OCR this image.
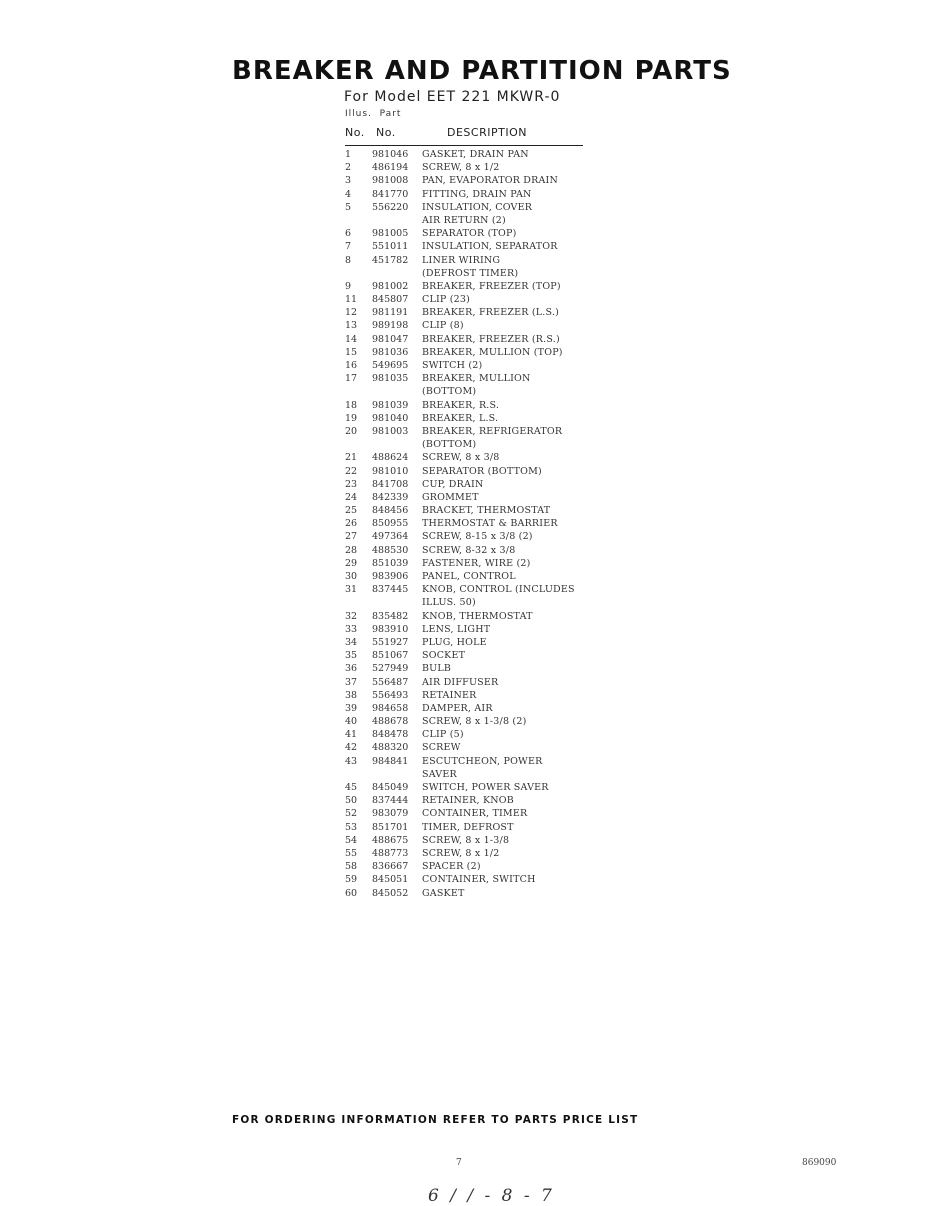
BREAKER AND PARTITION PARTS
For Model EET 221 MKWR-0
Illus. Part
No. No.	DESCRIPTION
1	981046 GASKET, DRAIN PAN
2	486194 SCREW, 8 x 1/2
3	981008 PAN, EVAPORATOR DRAIN
4	841770 FITTING, DRAIN PAN
5	556220 INSULATION, COVER
AIR RETURN (2)
6	981005 SEPARATOR (TOP)
7	551011 INSULATION, SEPARATOR
8	451782 LINER WIRING
(DEFROST TIMER)
9	981002 BREAKER, FREEZER (TOP)
11	845807 CLIP (23)
12	981191 BREAKER, FREEZER (L.S.)
13	989198 CLIP (8)
14	981047 BREAKER, FREEZER (R.S.)
15	981036 BREAKER, MULLION (TOP)
16	549695 SWITCH (2)
17	981035 BREAKER, MULLION
(BOTTOM)
18	981039 BREAKER, R.S.
19	981040 BREAKER, L.S.
20	981003 BREAKER, REFRIGERATOR
(BOTTOM)
21	488624 SCREW, 8 x 3/8
22	981010 SEPARATOR (BOTTOM)
23	841708 CUP, DRAIN
24	842339 GROMMET
25	848456 BRACKET, THERMOSTAT
26	850955 THERMOSTAT & BARRIER
27	497364 SCREW, 8-15 x 3/8 (2)
28	488530 SCREW, 8-32 x 3/8
29	851039 FASTENER, WIRE (2)
30	983906 PANEL, CONTROL
31	837445 KNOB, CONTROL (INCLUDES
ILLUS. 50)
32	835482 KNOB, THERMOSTAT
33	983910 LENS, LIGHT
34	551927 PLUG, HOLE
35	851067 SOCKET
36	527949 BULB
37	556487 AIR DIFFUSER
38	556493 RETAINER
39	984658 DAMPER, AIR
40	488678 SCREW, 8 x 1-3/8 (2)
41	848478 CLIP (5)
42	488320 SCREW
43	984841 ESCUTCHEON, POWER
SAVER
45	845049 SWITCH, POWER SAVER
50	837444 RETAINER, KNOB
52	983079 CONTAINER, TIMER
53	851701 TIMER, DEFROST
54	488675 SCREW, 8 x 1-3/8
55	488773 SCREW, 8 x 1/2
58	836667 SPACER (2)
59	845051 CONTAINER, SWITCH
60	845052 GASKET
FOR ORDERING INFORMATION REFER TO PARTS PRICE LIST
7	869090
6 / / - 8 - 7
